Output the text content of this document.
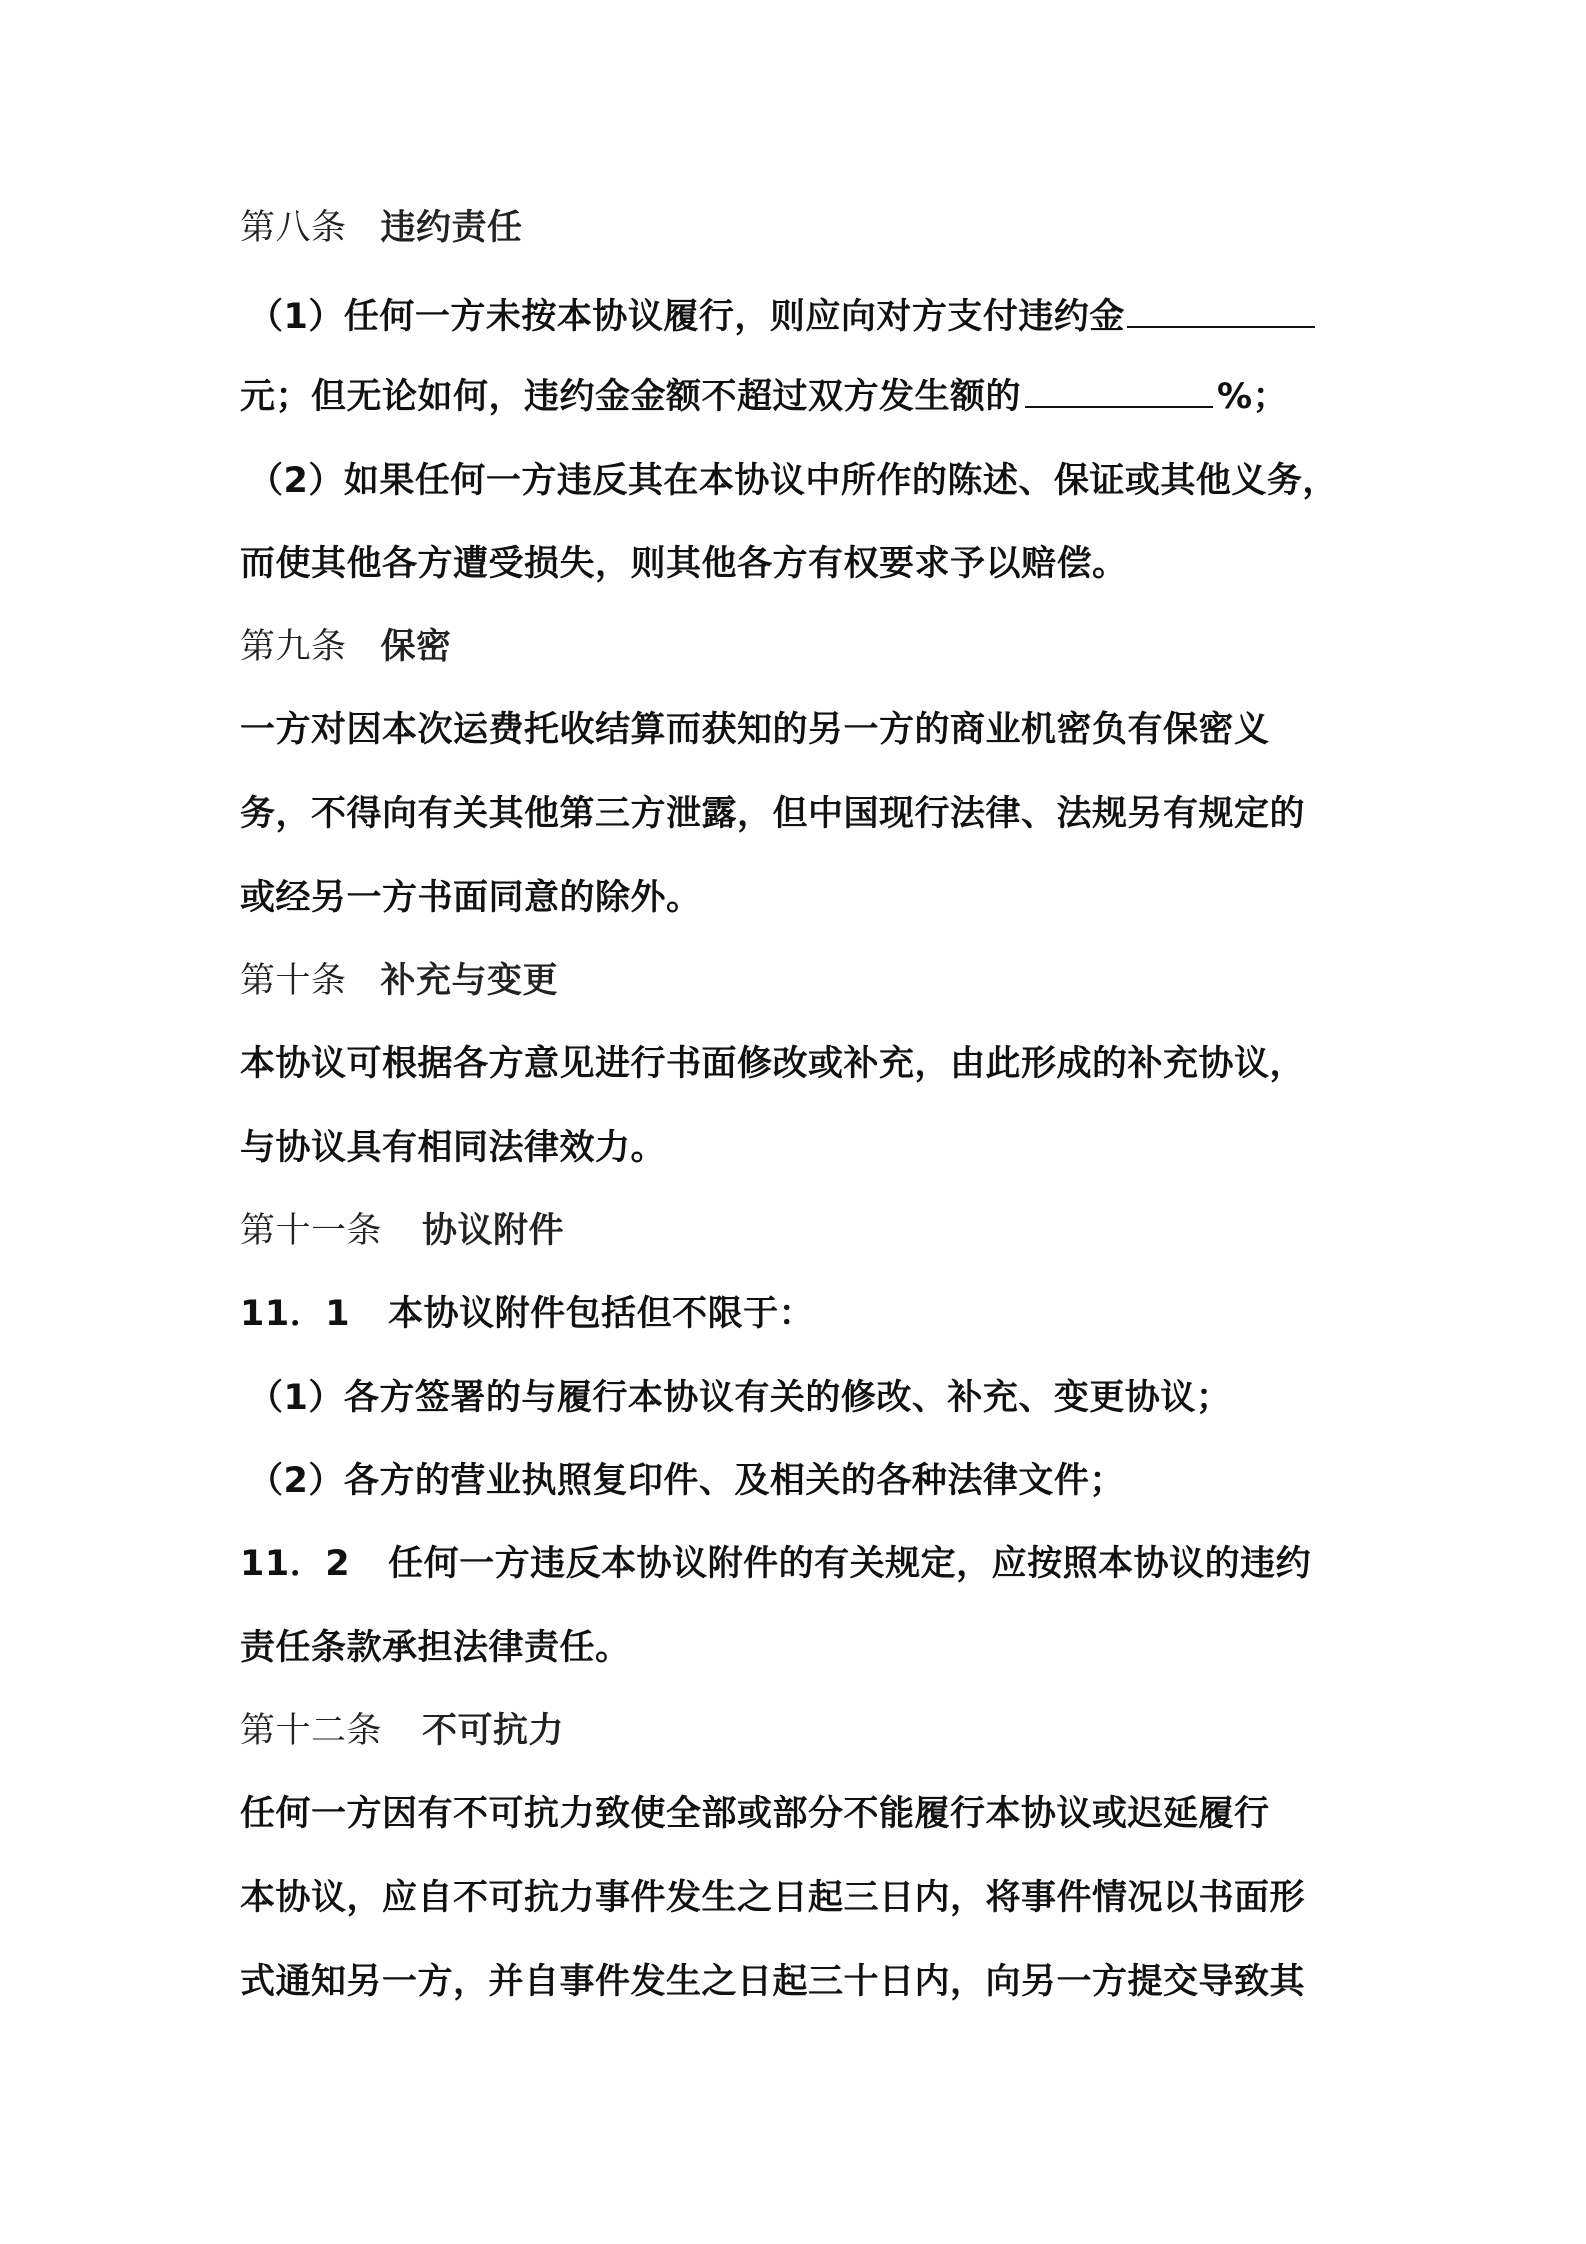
第八条 违约责任
（1）任何一方未按本协议履行，则应向对方支付违约金
元；但无论如何，违约金金额不超过双方发生额的	%；
（2）如果任何一方违反其在本协议中所作的陈述、保证或其他义务，
而使其他各方遭受损失，则其他各方有权要求予以赔偿。
第九条 保密
一方对因本次运费托收结算而获知的另一方的商业机密负有保密义
务，不得向有关其他第三方泄露，但中国现行法律、法规另有规定的
或经另一方书面同意的除外。
第十条 补充与变更
本协议可根据各方意见进行书面修改或补充，由此形成的补充协议，
与协议具有相同法律效力。
第十一条 协议附件
11．1 本协议附件包括但不限于：
（1）各方签署的与履行本协议有关的修改、补充、变更协议；
（2）各方的营业执照复印件、及相关的各种法律文件；
11．2 任何一方违反本协议附件的有关规定，应按照本协议的违约
责任条款承担法律责任。
第十二条 不可抗力
任何一方因有不可抗力致使全部或部分不能履行本协议或迟延履行
本协议，应自不可抗力事件发生之日起三日内，将事件情况以书面形
式通知另一方，并自事件发生之日起三十日内，向另一方提交导致其
